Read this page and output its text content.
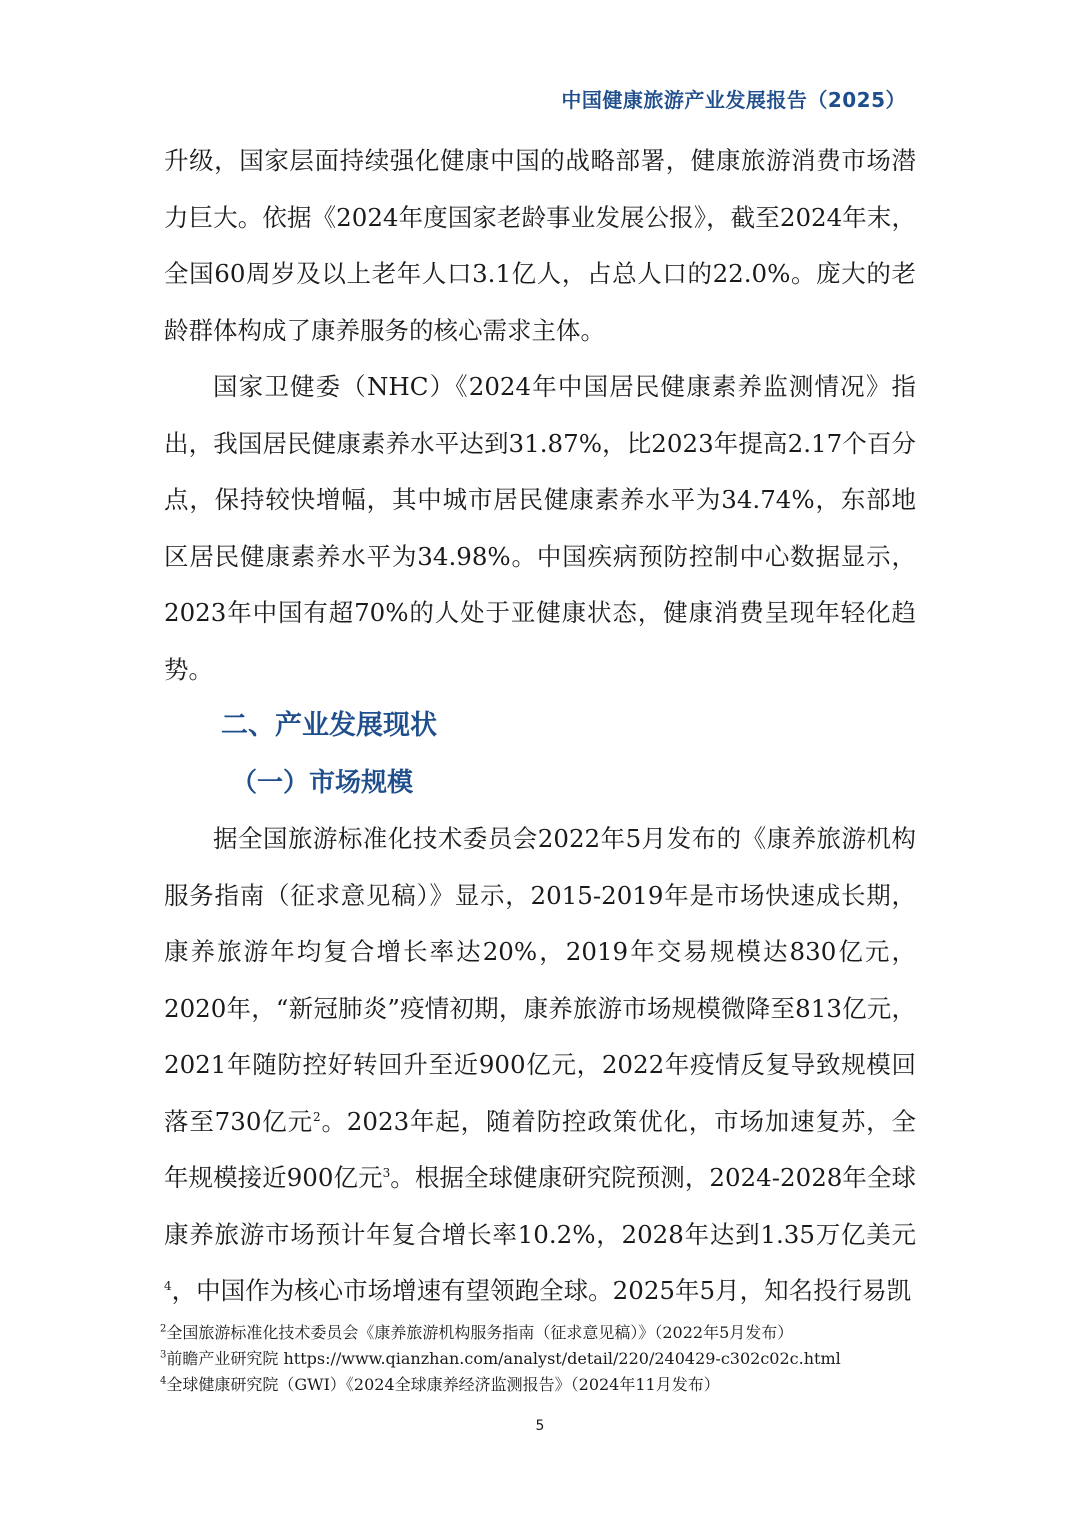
中国健康旅游产业发展报告（2025）

升级，国家层面持续强化健康中国的战略部署，健康旅游消费市场潜力巨大。依据《2024年度国家老龄事业发展公报》，截至2024年末，全国60周岁及以上老年人口3.1亿人，占总人口的22.0%。庞大的老龄群体构成了康养服务的核心需求主体。

国家卫健委（NHC）《2024年中国居民健康素养监测情况》指出，我国居民健康素养水平达到31.87%，比2023年提高2.17个百分点，保持较快增幅，其中城市居民健康素养水平为34.74%，东部地区居民健康素养水平为34.98%。中国疾病预防控制中心数据显示，2023年中国有超70%的人处于亚健康状态，健康消费呈现年轻化趋势。

二、产业发展现状
（一）市场规模

据全国旅游标准化技术委员会2022年5月发布的《康养旅游机构服务指南（征求意见稿）》显示，2015-2019年是市场快速成长期，康养旅游年均复合增长率达20%，2019年交易规模达830亿元，2020年，“新冠肺炎”疫情初期，康养旅游市场规模微降至813亿元，2021年随防控好转回升至近900亿元，2022年疫情反复导致规模回落至730亿元$^2$。2023年起，随着防控政策优化，市场加速复苏，全年规模接近900亿元$^3$。根据全球健康研究院预测，2024-2028年全球康养旅游市场预计年复合增长率10.2%，2028年达到1.35万亿美元$^4$，中国作为核心市场增速有望领跑全球。2025年5月，知名投行易凯

$^2$全国旅游标准化技术委员会《康养旅游机构服务指南（征求意见稿）》（2022年5月发布）

$^3$前瞻产业研究院 https://www.qianzhan.com/analyst/detail/220/240429-c302c02c.html

$^4$全球健康研究院（GWI）《2024全球康养经济监测报告》（2024年11月发布）

5
